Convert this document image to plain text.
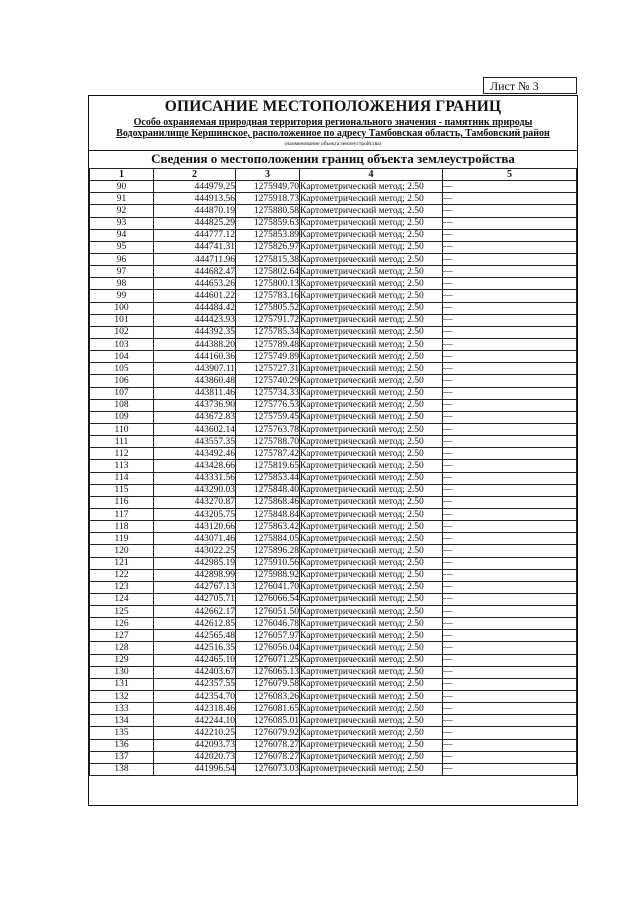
Лист № 3
ОПИСАНИЕ МЕСТОПОЛОЖЕНИЯ ГРАНИЦ
Особо охраняемая природная территория регионального значения - памятник природы
Водохранилище Кершинское, расположенное по адресу Тамбовская область, Тамбовский район
(наименование объекта землеустройства)
Сведения о местоположении границ объекта землеустройства
1	2	3	4	5
90	444979.25	1275949.70	Картометрический метод; 2.50	—
91	444913.56	1275918.73	Картометрический метод; 2.50	—
92	444870.19	1275880.58	Картометрический метод; 2.50	—
93	444825.29	1275859.63	Картометрический метод; 2.50	—
94	444777.12	1275853.89	Картометрический метод; 2.50	—
95	444741.31	1275826.97	Картометрический метод; 2.50	—
96	444711.96	1275815.38	Картометрический метод; 2.50	—
97	444682.47	1275802.64	Картометрический метод; 2.50	—
98	444653.26	1275800.13	Картометрический метод; 2.50	—
99	444601.22	1275783.16	Картометрический метод; 2.50	—
100	444484.42	1275805.52	Картометрический метод; 2.50	—
101	444423.93	1275791.72	Картометрический метод; 2.50	—
102	444392.35	1275785.34	Картометрический метод; 2.50	—
103	444388.20	1275789.48	Картометрический метод; 2.50	—
104	444160.36	1275749.89	Картометрический метод; 2.50	—
105	443907.11	1275727.31	Картометрический метод; 2.50	—
106	443860.48	1275740.29	Картометрический метод; 2.50	—
107	443811.46	1275734.33	Картометрический метод; 2.50	—
108	443736.90	1275776.53	Картометрический метод; 2.50	—
109	443672.83	1275759.45	Картометрический метод; 2.50	—
110	443602.14	1275763.78	Картометрический метод; 2.50	—
111	443557.35	1275788.70	Картометрический метод; 2.50	—
112	443492.46	1275787.42	Картометрический метод; 2.50	—
113	443428.66	1275819.65	Картометрический метод; 2.50	—
114	443331.56	1275853.44	Картометрический метод; 2.50	—
115	443290.03	1275848.40	Картометрический метод; 2.50	—
116	443270.87	1275868.46	Картометрический метод; 2.50	—
117	443205.75	1275848.84	Картометрический метод; 2.50	—
118	443120.66	1275863.42	Картометрический метод; 2.50	—
119	443071.46	1275884.05	Картометрический метод; 2.50	—
120	443022.25	1275896.28	Картометрический метод; 2.50	—
121	442985.19	1275910.56	Картометрический метод; 2.50	—
122	442898.99	1275988.92	Картометрический метод; 2.50	—
123	442767.13	1276041.70	Картометрический метод; 2.50	—
124	442705.71	1276066.54	Картометрический метод; 2.50	—
125	442662.17	1276051.50	Картометрический метод; 2.50	—
126	442612.85	1276046.78	Картометрический метод; 2.50	—
127	442565.48	1276057.97	Картометрический метод; 2.50	—
128	442516.35	1276056.04	Картометрический метод; 2.50	—
129	442465.10	1276071.25	Картометрический метод; 2.50	—
130	442403.67	1276065.13	Картометрический метод; 2.50	—
131	442357.55	1276079.58	Картометрический метод; 2.50	—
132	442354.70	1276083.26	Картометрический метод; 2.50	—
133	442318.46	1276081.65	Картометрический метод; 2.50	—
134	442244.10	1276085.01	Картометрический метод; 2.50	—
135	442210.25	1276079.92	Картометрический метод; 2.50	—
136	442093.73	1276078.27	Картометрический метод; 2.50	—
137	442020.73	1276078.27	Картометрический метод; 2.50	—
138	441996.54	1276073.03	Картометрический метод; 2.50	—
